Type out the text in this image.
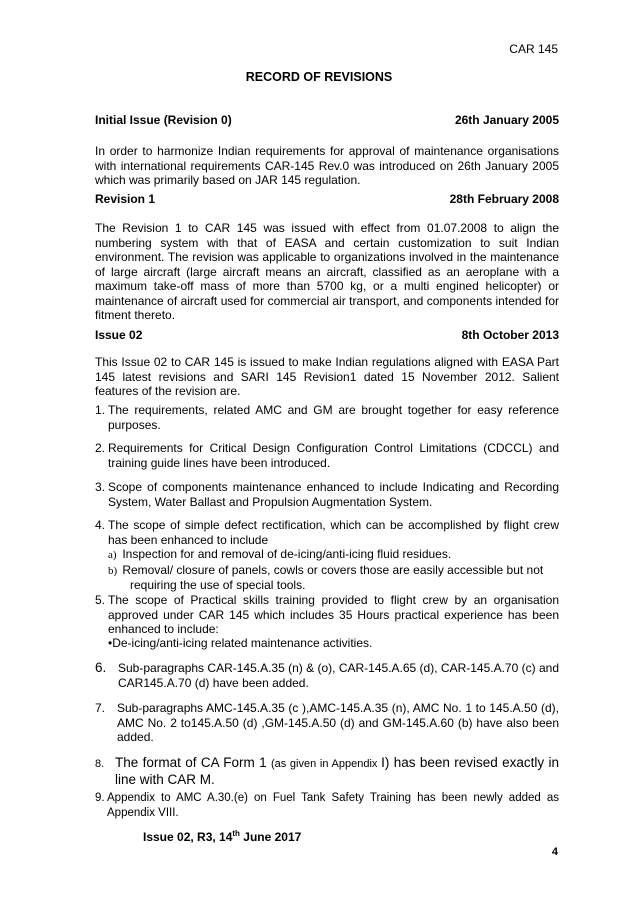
CAR 145
RECORD OF REVISIONS
Initial Issue (Revision 0)	26th January 2005
In order to harmonize Indian requirements for approval of maintenance organisations with international requirements CAR-145 Rev.0 was introduced on 26th January 2005 which was primarily based on JAR 145 regulation.
Revision 1	28th February 2008
The Revision 1 to CAR 145 was issued with effect from 01.07.2008 to align the numbering system with that of EASA and certain customization to suit Indian environment. The revision was applicable to organizations involved in the maintenance of large aircraft (large aircraft means an aircraft, classified as an aeroplane with a maximum take-off mass of more than 5700 kg, or a multi engined helicopter) or maintenance of aircraft used for commercial air transport, and components intended for fitment thereto.
Issue 02	8th October 2013
This Issue 02 to CAR 145 is issued to make Indian regulations aligned with EASA Part 145 latest revisions and SARI 145 Revision1 dated 15 November 2012. Salient features of the revision are.
1. The requirements, related AMC and GM are brought together for easy reference purposes.
2. Requirements for Critical Design Configuration Control Limitations (CDCCL) and training guide lines have been introduced.
3. Scope of components maintenance enhanced to include Indicating and Recording System, Water Ballast and Propulsion Augmentation System.
4. The scope of simple defect rectification, which can be accomplished by flight crew has been enhanced to include
a) Inspection for and removal of de-icing/anti-icing fluid residues.
b) Removal/ closure of panels, cowls or covers those are easily accessible but not
requiring the use of special tools.
5. The scope of Practical skills training provided to flight crew by an organisation approved under CAR 145 which includes 35 Hours practical experience has been enhanced to include:
•De-icing/anti-icing related maintenance activities.
6. Sub-paragraphs CAR-145.A.35 (n) & (o), CAR-145.A.65 (d), CAR-145.A.70 (c) and CAR145.A.70 (d) have been added.
7. Sub-paragraphs AMC-145.A.35 (c ),AMC-145.A.35 (n), AMC No. 1 to 145.A.50 (d), AMC No. 2 to145.A.50 (d) ,GM-145.A.50 (d) and GM-145.A.60 (b) have also been added.
8. The format of CA Form 1 (as given in Appendix I) has been revised exactly in line with CAR M.
9. Appendix to AMC A.30.(e) on Fuel Tank Safety Training has been newly added as Appendix VIII.
Issue 02, R3, 14th June 2017
4
